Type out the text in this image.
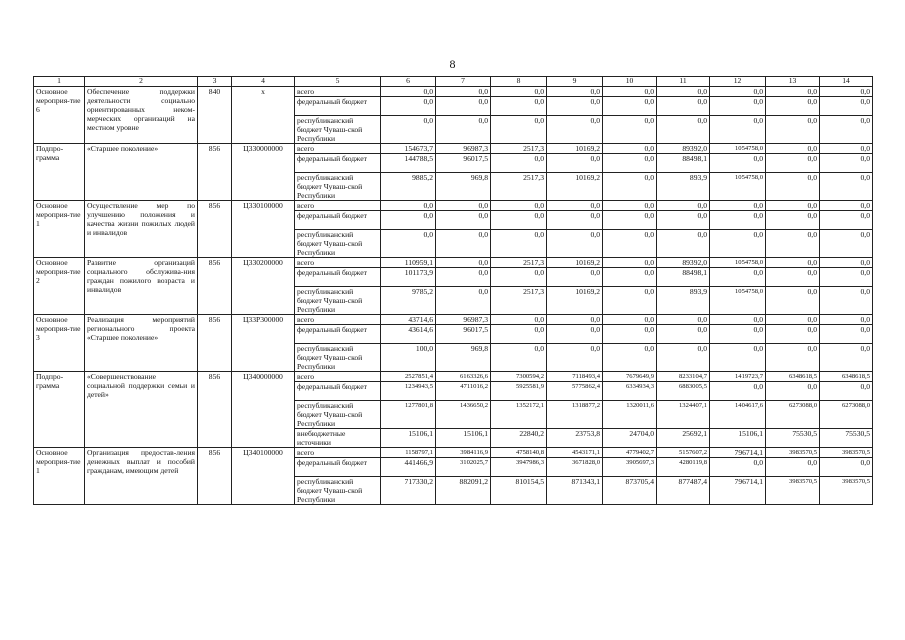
8
1	2	3	4	5	6	7	8	9	10	11	12	13	14
Основное мероприя-тие 6	Обеспечение поддержки деятельности социально ориентированных неком-мерческих организаций на местном уровне	840	x	всего	0,0	0,0	0,0	0,0	0,0	0,0	0,0	0,0	0,0
				федеральный бюджет	0,0	0,0	0,0	0,0	0,0	0,0	0,0	0,0	0,0
				республиканский бюджет Чуваш-ской Республики	0,0	0,0	0,0	0,0	0,0	0,0	0,0	0,0	0,0
Подпро-грамма	«Старшее поколение»	856	Ц330000000	всего	154673,7	96987,3	2517,3	10169,2	0,0	89392,0	1054758,0	0,0	0,0
				федеральный бюджет	144788,5	96017,5	0,0	0,0	0,0	88498,1	0,0	0,0	0,0
				республиканский бюджет Чуваш-ской Республики	9885,2	969,8	2517,3	10169,2	0,0	893,9	1054758,0	0,0	0,0
Основное мероприя-тие 1	Осуществление мер по улучшению положения и качества жизни пожилых людей и инвалидов	856	Ц330100000	всего	0,0	0,0	0,0	0,0	0,0	0,0	0,0	0,0	0,0
				федеральный бюджет	0,0	0,0	0,0	0,0	0,0	0,0	0,0	0,0	0,0
				республиканский бюджет Чуваш-ской Республики	0,0	0,0	0,0	0,0	0,0	0,0	0,0	0,0	0,0
Основное мероприя-тие 2	Развитие организаций социального обслужива-ния граждан пожилого возраста и инвалидов	856	Ц330200000	всего	110959,1	0,0	2517,3	10169,2	0,0	89392,0	1054758,0	0,0	0,0
				федеральный бюджет	101173,9	0,0	0,0	0,0	0,0	88498,1	0,0	0,0	0,0
				республиканский бюджет Чуваш-ской Республики	9785,2	0,0	2517,3	10169,2	0,0	893,9	1054758,0	0,0	0,0
Основное мероприя-тие 3	Реализация мероприятий регионального проекта «Старшее поколение»	856	Ц33P300000	всего	43714,6	96987,3	0,0	0,0	0,0	0,0	0,0	0,0	0,0
				федеральный бюджет	43614,6	96017,5	0,0	0,0	0,0	0,0	0,0	0,0	0,0
				республиканский бюджет Чуваш-ской Республики	100,0	969,8	0,0	0,0	0,0	0,0	0,0	0,0	0,0
Подпро-грамма	«Совершенствование социальной поддержки семьи и детей»	856	Ц340000000	всего	2527851,4	6163326,6	7300594,2	7118493,4	7679649,9	8233104,7	1419723,7	6348618,5	6348618,5
				федеральный бюджет	1234943,5	4711016,2	5925581,9	5775862,4	6334934,3	6883005,5	0,0	0,0	0,0
				республиканский бюджет Чуваш-ской Республики	1277801,8	1436650,2	1352172,1	1318877,2	1320011,6	1324407,1	1404617,6	6273088,0	6273088,0
				внебюджетные источники	15106,1	15106,1	22840,2	23753,8	24704,0	25692,1	15106,1	75530,5	75530,5
Основное мероприя-тие 1	Организация предостав-ления денежных выплат и пособий гражданам, имеющим детей	856	Ц340100000	всего	1158797,1	3984116,9	4758140,8	4543171,1	4779402,7	5157607,2	796714,1	3983570,5	3983570,5
				федеральный бюджет	441466,9	3102025,7	3947986,3	3671828,0	3905697,3	4280119,8	0,0	0,0	0,0
				республиканский бюджет Чуваш-ской Республики	717330,2	882091,2	810154,5	871343,1	873705,4	877487,4	796714,1	3983570,5	3983570,5
